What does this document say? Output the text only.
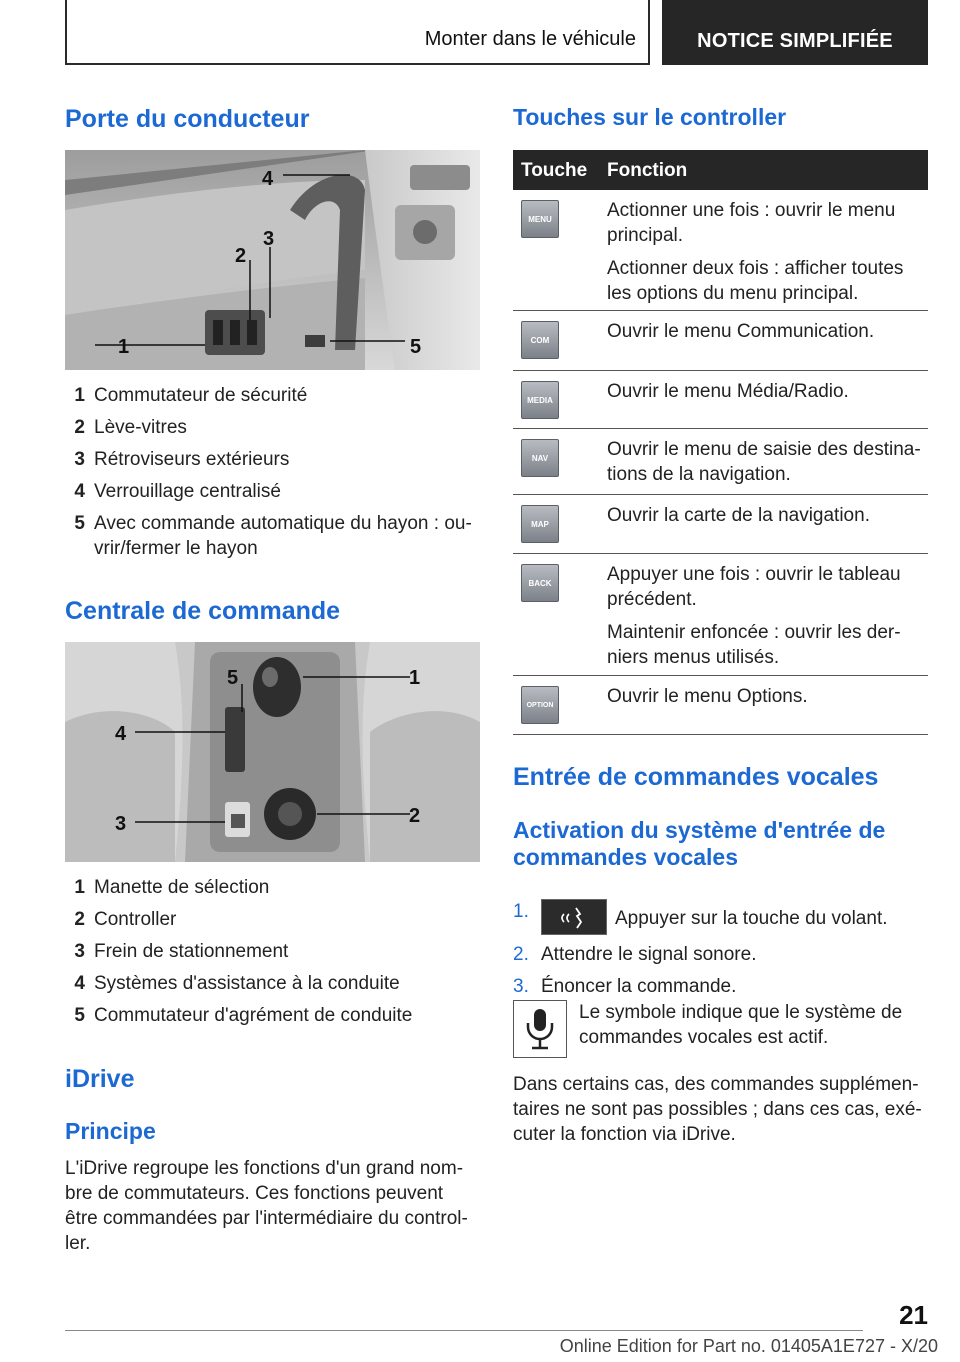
Monter dans le véhicule	NOTICE SIMPLIFIÉE
Porte du conducteur
4
2
3
1	5
1 Commutateur de sécurité
2 Lève-vitres
3 Rétroviseurs extérieurs
4 Verrouillage centralisé
5 Avec commande automatique du hayon : ou-vrir/fermer le hayon
Centrale de commande
5	1
4
3	2
1 Manette de sélection
2 Controller
3 Frein de stationnement
4 Systèmes d'assistance à la conduite
5 Commutateur d'agrément de conduite
iDrive
Principe
L'iDrive regroupe les fonctions d'un grand nom-bre de commutateurs. Ces fonctions peuvent être commandées par l'intermédiaire du control-ler.
Touches sur le controller
Touche Fonction
MENU	Actionner une fois : ouvrir le menu principal.

Actionner deux fois : afficher toutes les options du menu principal.

COM	Ouvrir le menu Communication.

MEDIA	Ouvrir le menu Média/Radio.

NAV	Ouvrir le menu de saisie des destina-tions de la navigation.

MAP	Ouvrir la carte de la navigation.

BACK	Appuyer une fois : ouvrir le tableau précédent.

Maintenir enfoncée : ouvrir les der-niers menus utilisés.

OPTION	Ouvrir le menu Options.

Entrée de commandes vocales
Activation du système d'entrée de commandes vocales
1.	Appuyer sur la touche du volant.
2. Attendre le signal sonore.
3. Énoncer la commande.
Le symbole indique que le système de commandes vocales est actif.
Dans certains cas, des commandes supplémen-taires ne sont pas possibles ; dans ces cas, exé-cuter la fonction via iDrive.
21
Online Edition for Part no. 01405A1E727 - X/20
